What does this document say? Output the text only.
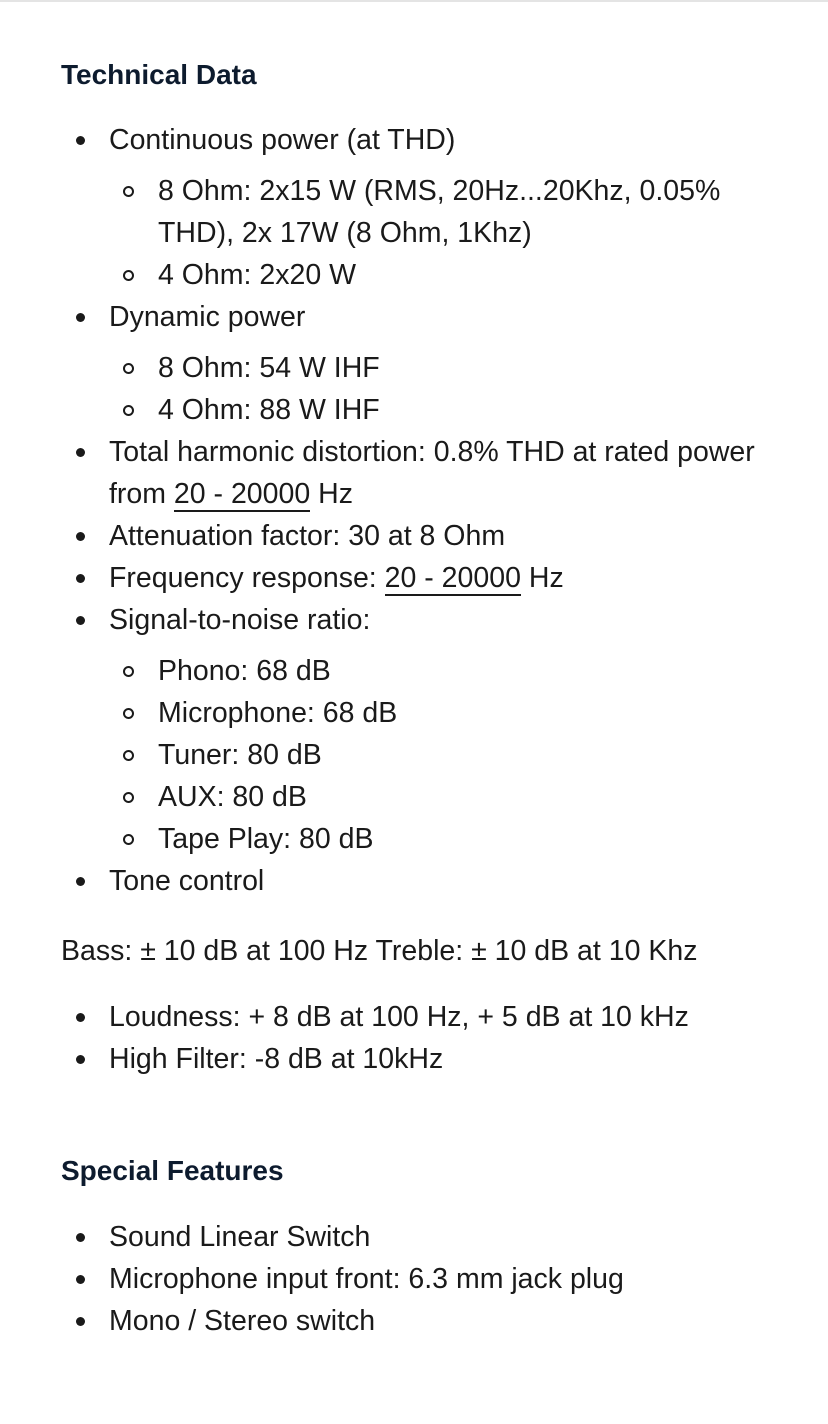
Technical Data
Continuous power (at THD)
8 Ohm: 2x15 W (RMS, 20Hz...20Khz, 0.05% THD), 2x 17W (8 Ohm, 1Khz)
4 Ohm: 2x20 W
Dynamic power
8 Ohm: 54 W IHF
4 Ohm: 88 W IHF
Total harmonic distortion: 0.8% THD at rated power from 20 - 20000 Hz
Attenuation factor: 30 at 8 Ohm
Frequency response: 20 - 20000 Hz
Signal-to-noise ratio:
Phono: 68 dB
Microphone: 68 dB
Tuner: 80 dB
AUX: 80 dB
Tape Play: 80 dB
Tone control

Bass: ± 10 dB at 100 Hz Treble: ± 10 dB at 10 Khz

Loudness: + 8 dB at 100 Hz, + 5 dB at 10 kHz
High Filter: -8 dB at 10kHz
Special Features
Sound Linear Switch
Microphone input front: 6.3 mm jack plug
Mono / Stereo switch
